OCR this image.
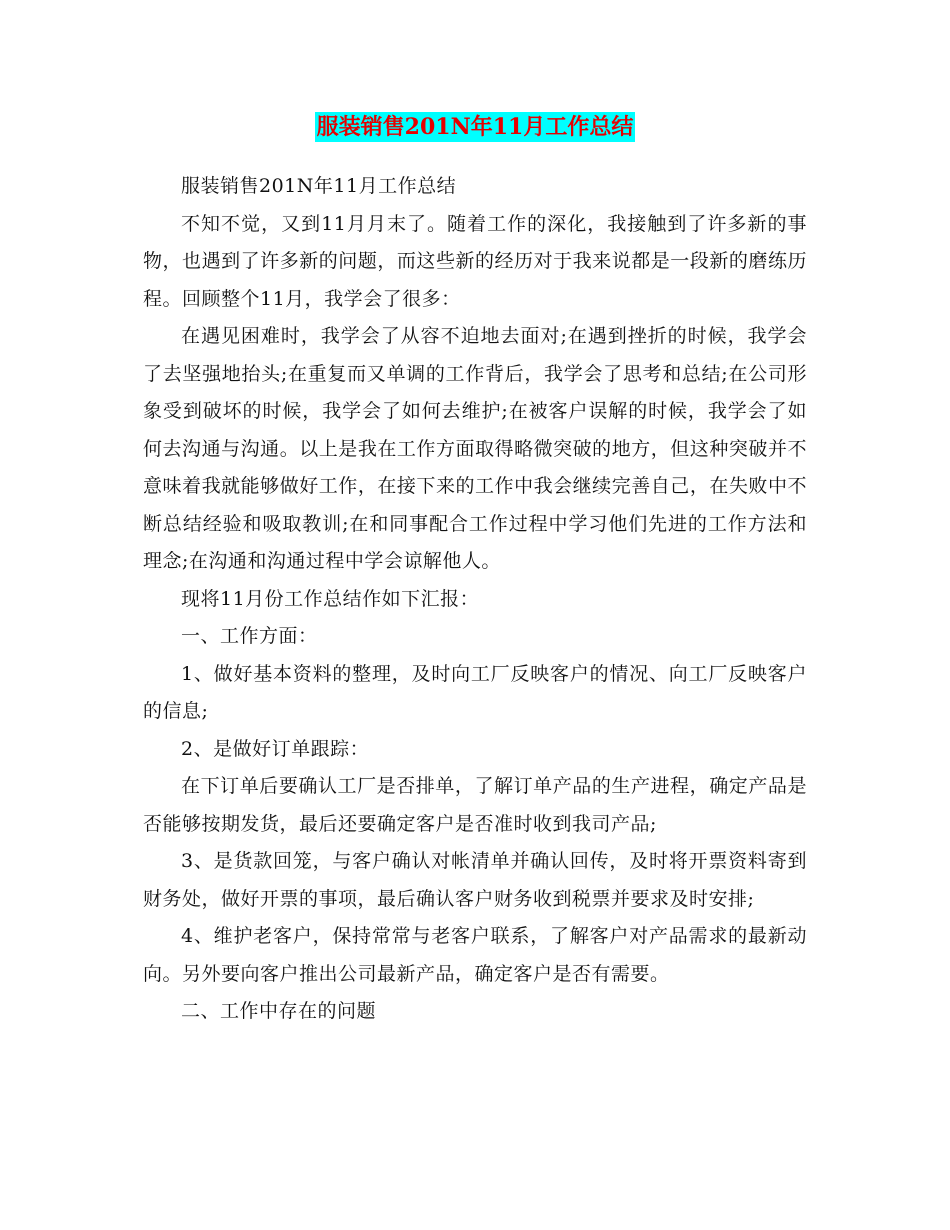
服装销售201N年11月工作总结

服装销售201N年11月工作总结

不知不觉，又到11月月末了。随着工作的深化，我接触到了许多新的事物，也遇到了许多新的问题，而这些新的经历对于我来说都是一段新的磨练历程。回顾整个11月，我学会了很多：

在遇见困难时，我学会了从容不迫地去面对;在遇到挫折的时候，我学会了去坚强地抬头;在重复而又单调的工作背后，我学会了思考和总结;在公司形象受到破坏的时候，我学会了如何去维护;在被客户误解的时候，我学会了如何去沟通与沟通。以上是我在工作方面取得略微突破的地方，但这种突破并不意味着我就能够做好工作，在接下来的工作中我会继续完善自己，在失败中不断总结经验和吸取教训;在和同事配合工作过程中学习他们先进的工作方法和理念;在沟通和沟通过程中学会谅解他人。

现将11月份工作总结作如下汇报：

一、工作方面：

1、做好基本资料的整理，及时向工厂反映客户的情况、向工厂反映客户的信息;

2、是做好订单跟踪：

在下订单后要确认工厂是否排单，了解订单产品的生产进程，确定产品是否能够按期发货，最后还要确定客户是否准时收到我司产品;

3、是货款回笼，与客户确认对帐清单并确认回传，及时将开票资料寄到财务处，做好开票的事项，最后确认客户财务收到税票并要求及时安排;

4、维护老客户，保持常常与老客户联系，了解客户对产品需求的最新动向。另外要向客户推出公司最新产品，确定客户是否有需要。

二、工作中存在的问题
